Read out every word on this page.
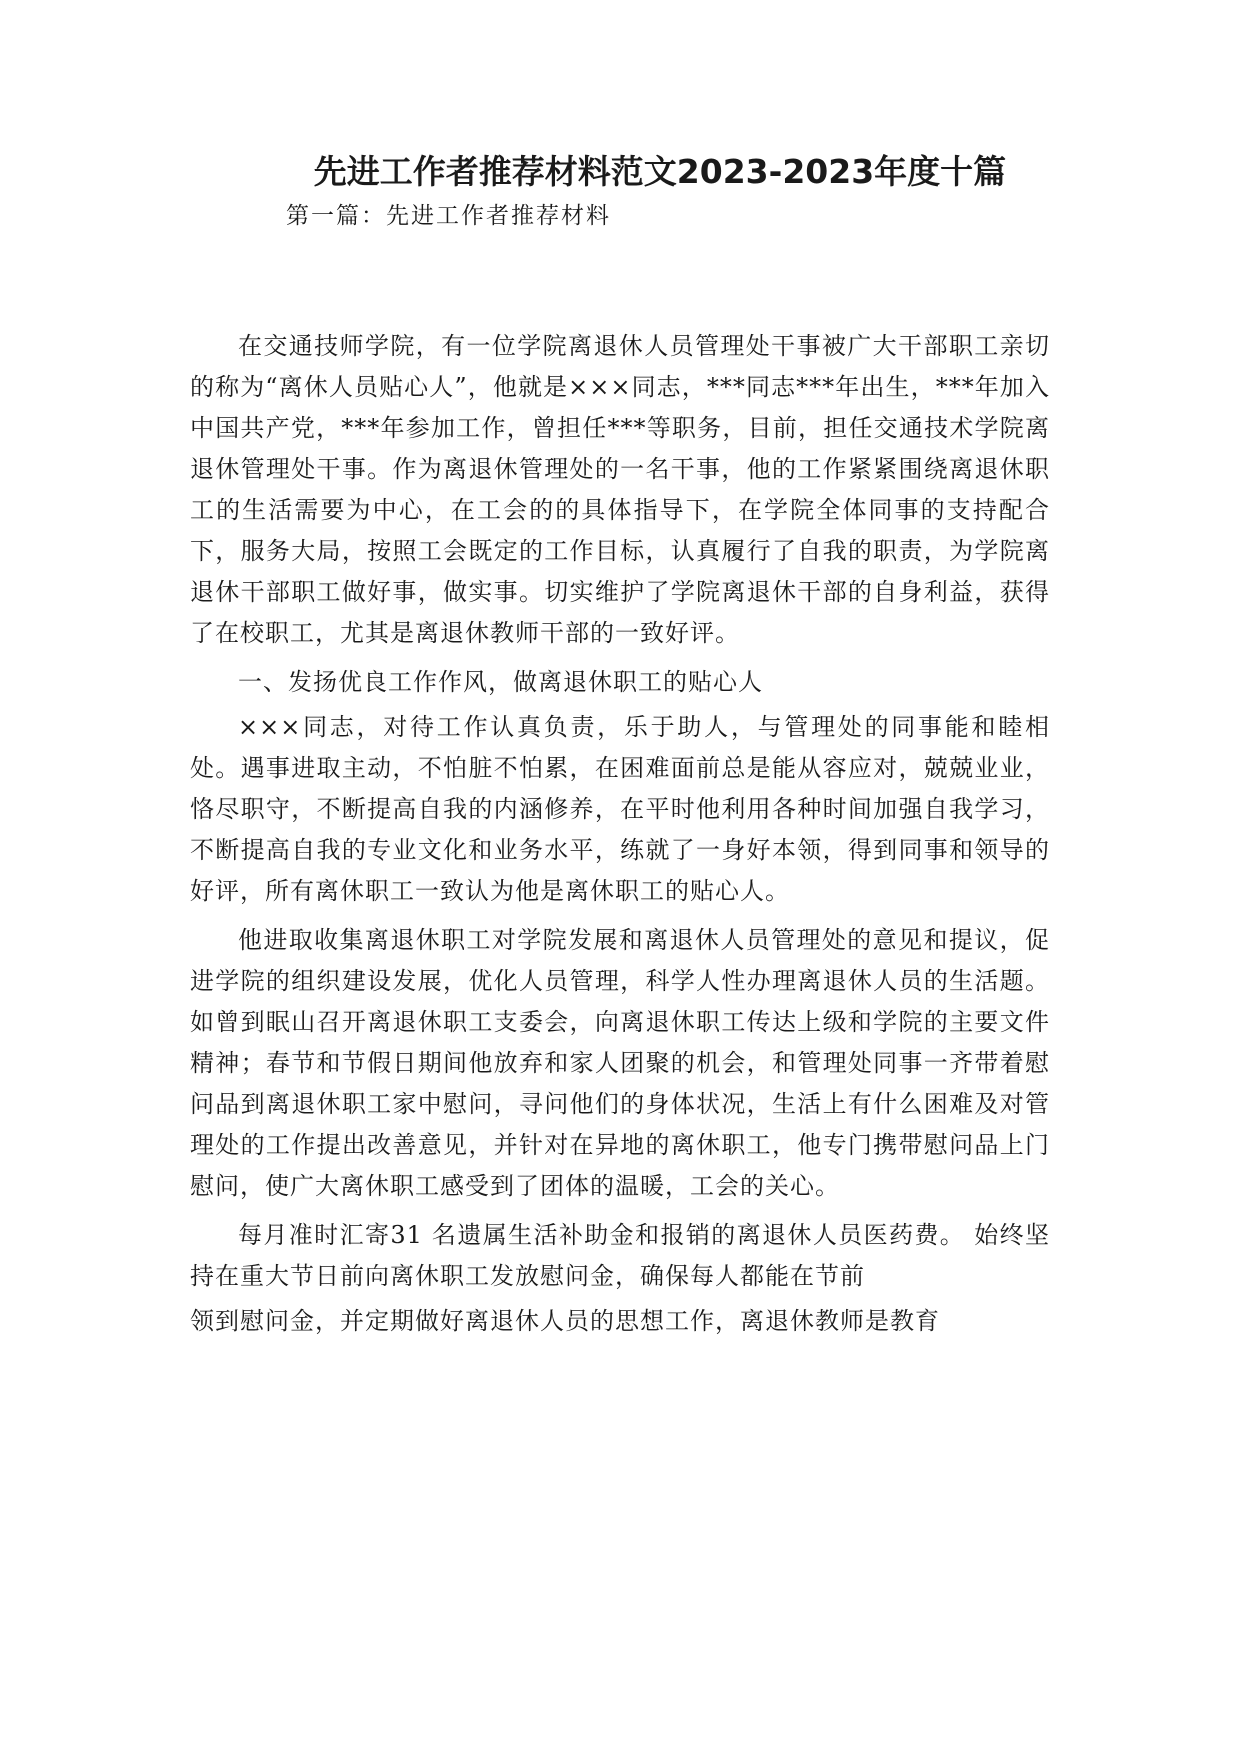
先进工作者推荐材料范文2023-2023年度十篇
第一篇：先进工作者推荐材料

在交通技师学院，有一位学院离退休人员管理处干事被广大干部职工亲切的称为“离休人员贴心人”，他就是×××同志，***同志***年出生，***年加入中国共产党，***年参加工作，曾担任***等职务，目前，担任交通技术学院离退休管理处干事。作为离退休管理处的一名干事，他的工作紧紧围绕离退休职工的生活需要为中心，在工会的的具体指导下，在学院全体同事的支持配合下，服务大局，按照工会既定的工作目标，认真履行了自我的职责，为学院离退休干部职工做好事，做实事。切实维护了学院离退休干部的自身利益，获得了在校职工，尤其是离退休教师干部的一致好评。

一、发扬优良工作作风，做离退休职工的贴心人

×××同志，对待工作认真负责，乐于助人，与管理处的同事能和睦相处。遇事进取主动，不怕脏不怕累，在困难面前总是能从容应对，兢兢业业，恪尽职守，不断提高自我的内涵修养，在平时他利用各种时间加强自我学习，不断提高自我的专业文化和业务水平，练就了一身好本领，得到同事和领导的好评，所有离休职工一致认为他是离休职工的贴心人。

他进取收集离退休职工对学院发展和离退休人员管理处的意见和提议，促进学院的组织建设发展，优化人员管理，科学人性办理离退休人员的生活题。如曾到眠山召开离退休职工支委会，向离退休职工传达上级和学院的主要文件精神；春节和节假日期间他放弃和家人团聚的机会，和管理处同事一齐带着慰问品到离退休职工家中慰问，寻问他们的身体状况，生活上有什么困难及对管理处的工作提出改善意见，并针对在异地的离休职工，他专门携带慰问品上门慰问，使广大离休职工感受到了团体的温暖，工会的关心。

每月准时汇寄31 名遗属生活补助金和报销的离退休人员医药费。 始终坚持在重大节日前向离休职工发放慰问金，确保每人都能在节前

领到慰问金，并定期做好离退休人员的思想工作，离退休教师是教育
